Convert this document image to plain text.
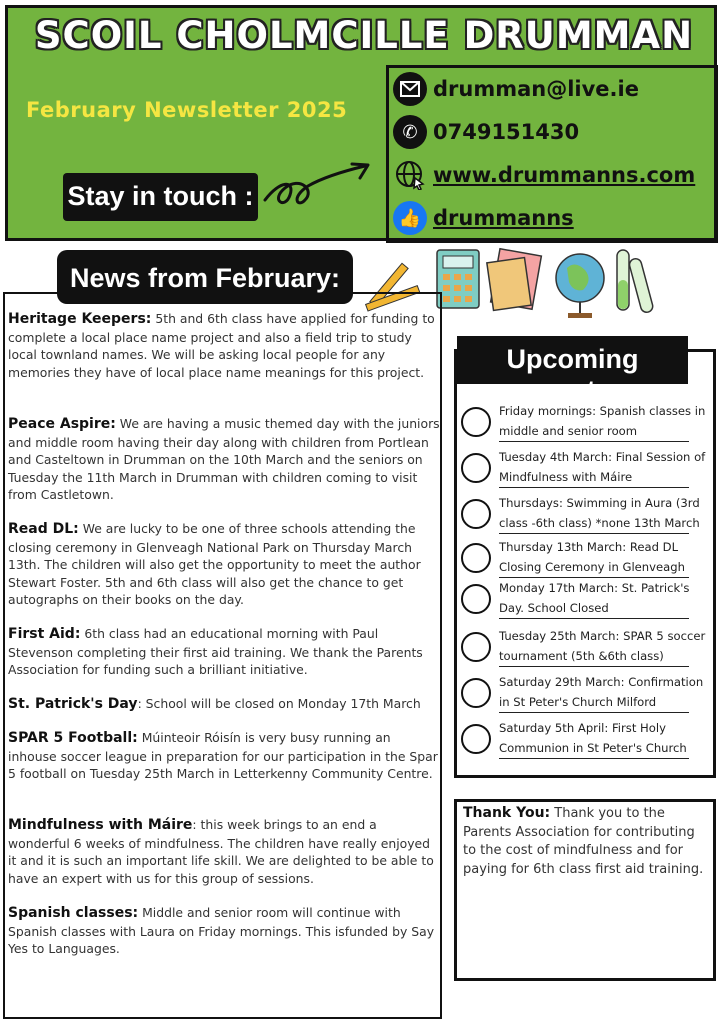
SCOIL CHOLMCILLE DRUMMAN
February Newsletter 2025
Stay in touch :
drumman@live.ie
✆ 0749151430
www.drummanns.com
👍 drummanns
Heritage Keepers: 5th and 6th class have applied for funding to complete a local place name project and also a field trip to study local townland names. We will be asking local people for any memories they have of local place name meanings for this project.
Peace Aspire: We are having a music themed day with the juniors and middle room having their day along with children from Portlean and Casteltown in Drumman on the 10th March and the seniors on Tuesday the 11th March in Drumman with children coming to visit from Castletown.
Read DL: We are lucky to be one of three schools attending the closing ceremony in Glenveagh National Park on Thursday March 13th. The children will also get the opportunity to meet the author Stewart Foster. 5th and 6th class will also get the chance to get autographs on their books on the day.
First Aid: 6th class had an educational morning with Paul Stevenson completing their first aid training. We thank the Parents Association for funding such a brilliant initiative.
St. Patrick's Day: School will be closed on Monday 17th March
SPAR 5 Football: Múinteoir Róisín is very busy running an inhouse soccer league in preparation for our participation in the Spar 5 football on Tuesday 25th March in Letterkenny Community Centre.
Mindfulness with Máire: this week brings to an end a wonderful 6 weeks of mindfulness. The children have really enjoyed it and it is such an important life skill. We are delighted to be able to have an expert with us for this group of sessions.
Spanish classes: Middle and senior room will continue with Spanish classes with Laura on Friday mornings. This isfunded by Say Yes to Languages.
News from February:
Upcoming events:
Friday mornings: Spanish classes in middle and senior room
Tuesday 4th March: Final Session of Mindfulness with Máire
Thursdays: Swimming in Aura (3rd class -6th class) *none 13th March
Thursday 13th March: Read DL Closing Ceremony in Glenveagh
Monday 17th March: St. Patrick's Day. School Closed
Tuesday 25th March: SPAR 5 soccer tournament (5th &6th class)
Saturday 29th March: Confirmation in St Peter's Church Milford
Saturday 5th April: First Holy Communion in St Peter's Church
Thank You: Thank you to the Parents Association for contributing to the cost of mindfulness and for paying for 6th class first aid training.
